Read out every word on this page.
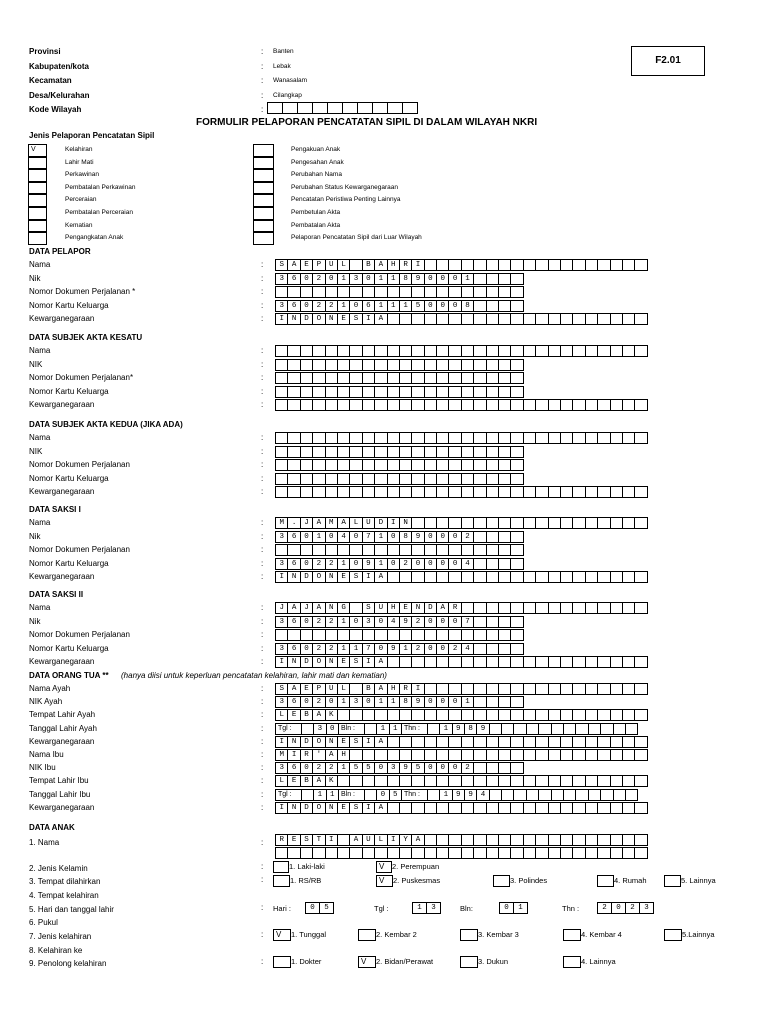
F2.01
Provinsi	: Banten
Kabupaten/kota	: Lebak
Kecamatan	: Wanasalam
Desa/Kelurahan	: Cilangkap
Kode Wilayah	:
FORMULIR PELAPORAN PENCATATAN SIPIL DI DALAM WILAYAH NKRI
Jenis Pelaporan Pencatatan Sipil
V	Kelahiran
Lahir Mati
Perkawinan
Pembatalan Perkawinan
Perceraian
Pembatalan Perceraian
Kematian
Pengangkatan Anak
Pengakuan Anak
Pengesahan Anak
Perubahan Nama
Perubahan Status Kewarganegaraan
Pencatatan Peristiwa Penting Lainnya
Pembetulan Akta
Pembatalan Akta
Pelaporan Pencatatan Sipil dari Luar Wilayah
DATA PELAPOR
Nama	:	S	A	E	P	U	L	B	A	H	R	I
Nik	:	3	6	0	2	0	1	3	0	1	1	8	9	0	0	0	1
Nomor Dokumen Perjalanan *	:
Nomor Kartu Keluarga	:	3	6	0	2	2	1	0	6	1	1	1	5	0	0	0	8
Kewarganegaraan	:	I	N	D	O	N	E	S	I	A
DATA SUBJEK AKTA KESATU
Nama	:
NIK	:
Nomor Dokumen Perjalanan*	:
Nomor Kartu Keluarga	:
Kewarganegaraan	:
DATA SUBJEK AKTA KEDUA (JIKA ADA)
Nama	:
NIK	:
Nomor Dokumen Perjalanan	:
Nomor Kartu Keluarga	:
Kewarganegaraan	:
DATA SAKSI I
Nama	:	M	.	J	A	M	A	L	U	D	I	N
Nik	:	3	6	0	1	0	4	0	7	1	0	8	9	0	0	0	2
Nomor Dokumen Perjalanan	:
Nomor Kartu Keluarga	:	3	6	0	2	2	1	0	9	1	0	2	0	0	0	0	4
Kewarganegaraan	:	I	N	D	O	N	E	S	I	A
DATA SAKSI II
Nama	:	J	A	J	A	N	G	S	U	H	E	N	D	A	R
Nik	:	3	6	0	2	2	1	0	3	0	4	9	2	0	0	0	7
Nomor Dokumen Perjalanan	:
Nomor Kartu Keluarga	:	3	6	0	2	2	1	1	7	0	9	1	2	0	0	2	4
Kewarganegaraan	:	I	N	D	O	N	E	S	I	A
DATA ORANG TUA ** (hanya diisi untuk keperluan pencatatan kelahiran, lahir mati dan kematian)
Nama Ayah	:	S	A	E	P	U	L	B	A	H	R	I
NIK Ayah	:	3	6	0	2	0	1	3	0	1	1	8	9	0	0	0	1
Tempat Lahir Ayah	:	L	E	B	A	K
Tanggal Lahir Ayah	:	Tgl :	3	0 Bln :	1	1 Thn :	1	9	8	9
Kewarganegaraan	:	I	N	D	O	N	E	S	I	A
Nama Ibu	:	M	I	R	'	A	H
NIK Ibu	:	3	6	0	2	2	1	5	5	0	3	9	5	0	0	0	2
Tempat Lahir Ibu	:	L	E	B	A	K
Tanggal Lahir Ibu	:	Tgl :	1	1 Bln :	0	5 Thn :	1	9	9	4
Kewarganegaraan	:	I	N	D	O	N	E	S	I	A
DATA ANAK
1. Nama	:	R	E	S	T	I	A	U	L	I	Y	A
2. Jenis Kelamin	:	1. Laki-laki	V	2. Perempuan
3. Tempat dilahirkan	:	1. RS/RB	V	2. Puskesmas	3. Polindes	4. Rumah	5. Lainnya
4. Tempat kelahiran
5. Hari dan tanggal lahir	: Hari :	0	5	Tgl :	1	3	Bln:	0	1	Thn :	2	0	2	3
6. Pukul
7. Jenis kelahiran	:	V	1. Tunggal	2. Kembar 2	3. Kembar 3	4. Kembar 4	5.Lainnya
8. Kelahiran ke
9. Penolong kelahiran	:	1. Dokter	V	2. Bidan/Perawat	3. Dukun	4. Lainnya
